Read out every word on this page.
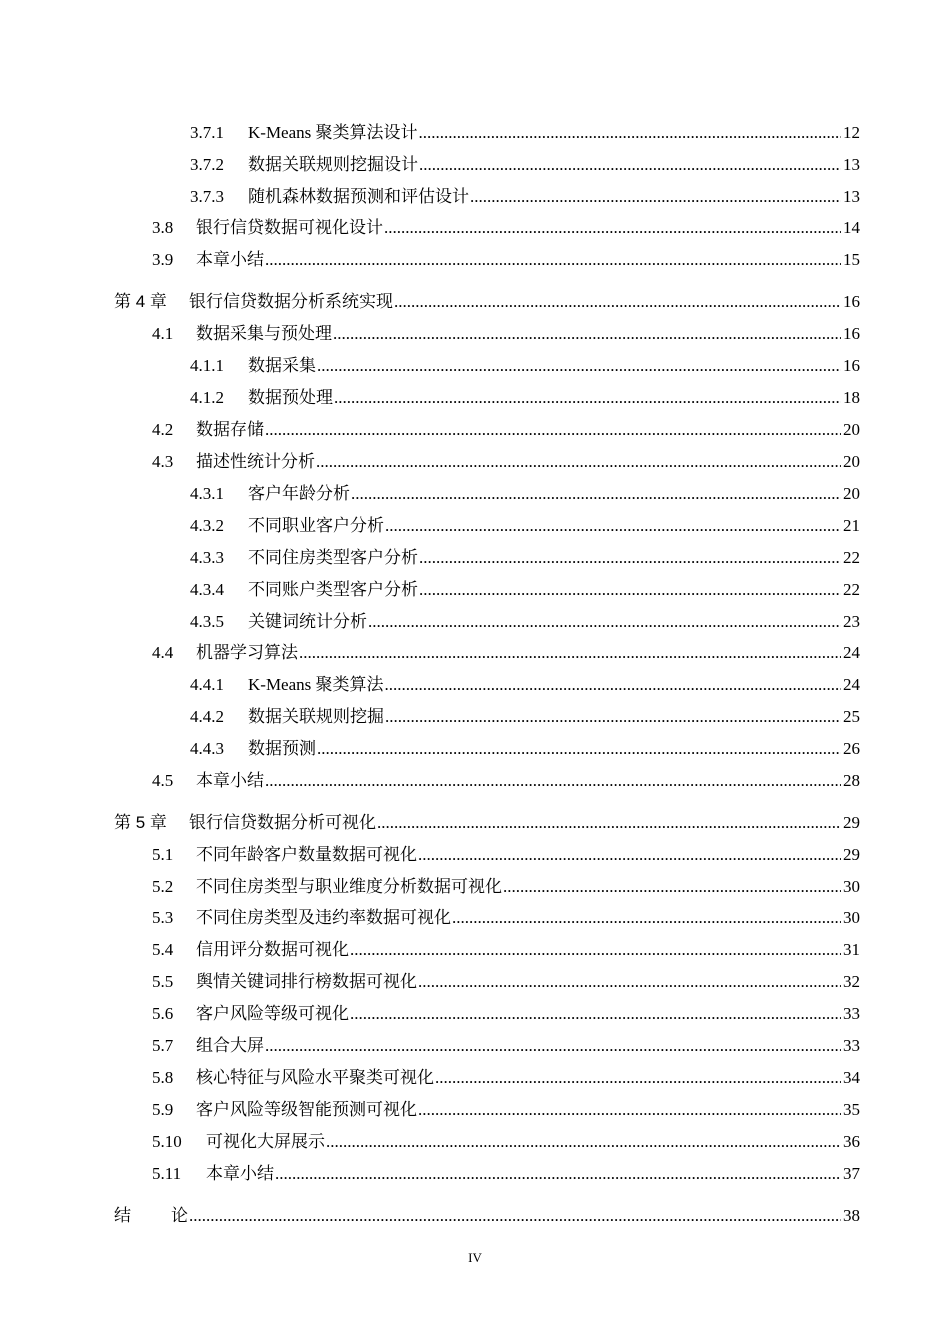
3.7.1	K-Means 聚类算法设计 .....	12
3.7.2	数据关联规则挖掘设计 .....	13
3.7.3	随机森林数据预测和评估设计 .....	13
3.8	银行信贷数据可视化设计 .....	14
3.9	本章小结 .....	15
第 4 章	银行信贷数据分析系统实现 .....	16
4.1	数据采集与预处理 .....	16
4.1.1	数据采集 .....	16
4.1.2	数据预处理 .....	18
4.2	数据存储 .....	20
4.3	描述性统计分析 .....	20
4.3.1	客户年龄分析 .....	20
4.3.2	不同职业客户分析 .....	21
4.3.3	不同住房类型客户分析 .....	22
4.3.4	不同账户类型客户分析 .....	22
4.3.5	关键词统计分析 .....	23
4.4	机器学习算法 .....	24
4.4.1	K-Means 聚类算法 .....	24
4.4.2	数据关联规则挖掘 .....	25
4.4.3	数据预测 .....	26
4.5	本章小结 .....	28
第 5 章	银行信贷数据分析可视化 .....	29
5.1	不同年龄客户数量数据可视化 .....	29
5.2	不同住房类型与职业维度分析数据可视化 .....	30
5.3	不同住房类型及违约率数据可视化 .....	30
5.4	信用评分数据可视化 .....	31
5.5	舆情关键词排行榜数据可视化 .....	32
5.6	客户风险等级可视化 .....	33
5.7	组合大屏 .....	33
5.8	核心特征与风险水平聚类可视化 .....	34
5.9	客户风险等级智能预测可视化 .....	35
5.10	可视化大屏展示 .....	36
5.11	本章小结 .....	37
结	论 .....	38
IV
